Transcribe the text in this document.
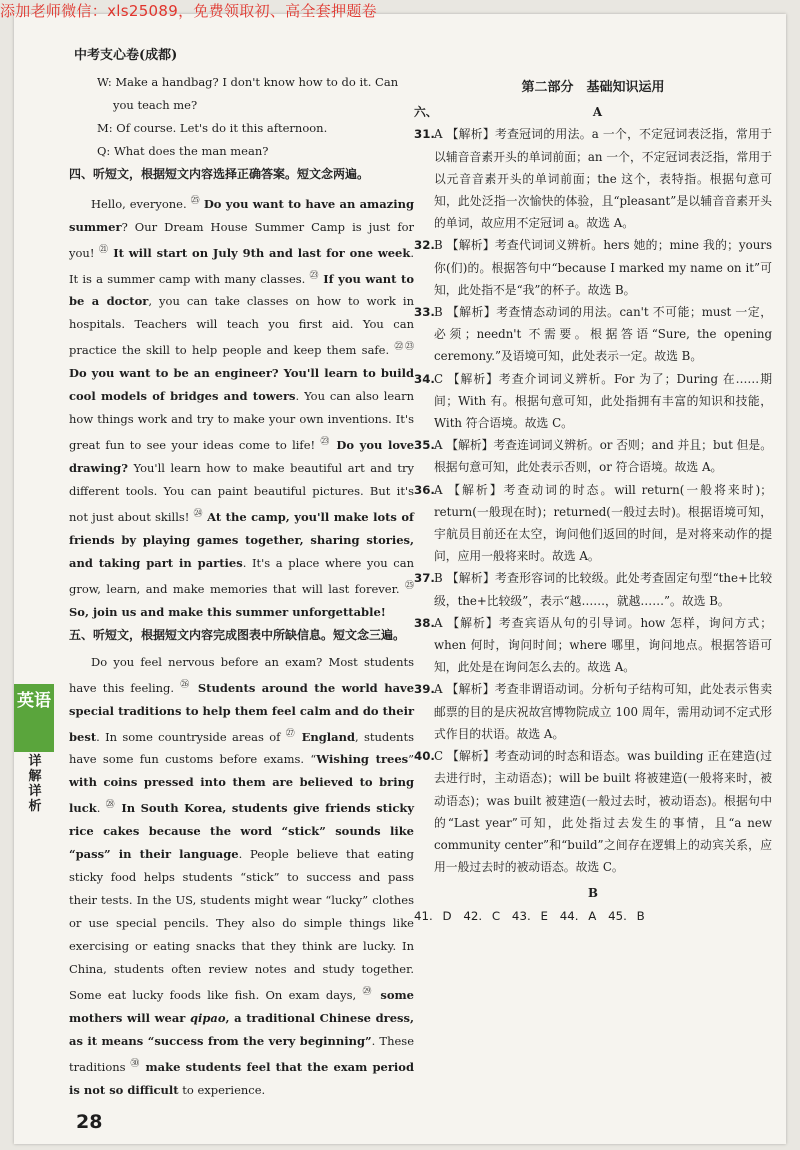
添加老师微信：xls25089，免费领取初、高全套押题卷
中考支心卷(成都)
英语
详解详析
28

W: Make a handbag? I don't know how to do it. Can

you teach me?

M: Of course. Let's do it this afternoon.

Q: What does the man mean?

四、听短文，根据短文内容选择正确答案。短文念两遍。

Hello, everyone. $^㉕$ Do you want to have an amazing summer? Our Dream House Summer Camp is just for you! $^㉑$ It will start on July 9th and last for one week. It is a summer camp with many classes. $^㉓$ If you want to be a doctor, you can take classes on how to work in hospitals. Teachers will teach you first aid. You can practice the skill to help people and keep them safe. $^{㉒㉓}$ Do you want to be an engineer? You'll learn to build cool models of bridges and towers. You can also learn how things work and try to make your own inventions. It's great fun to see your ideas come to life! $^㉓$ Do you love drawing? You'll learn how to make beautiful art and try different tools. You can paint beautiful pictures. But it's not just about skills! $^㉔$ At the camp, you'll make lots of friends by playing games together, sharing stories, and taking part in parties. It's a place where you can grow, learn, and make memories that will last forever. $^㉕$ So, join us and make this summer unforgettable!

五、听短文，根据短文内容完成图表中所缺信息。短文念三遍。

Do you feel nervous before an exam? Most students have this feeling. $^㉖$ Students around the world have special traditions to help them feel calm and do their best. In some countryside areas of $^㉗$ England, students have some fun customs before exams. “Wishing trees” with coins pressed into them are believed to bring luck. $^㉘$ In South Korea, students give friends sticky rice cakes because the word “stick” sounds like “pass” in their language. People believe that eating sticky food helps students “stick” to success and pass their tests. In the US, students might wear “lucky” clothes or use special pencils. They also do simple things like exercising or eating snacks that they think are lucky. In China, students often review notes and study together. Some eat lucky foods like fish. On exam days, $^㉙$ some mothers will wear qipao, a traditional Chinese dress, as it means “success from the very beginning”. These traditions $^㉚$ make students feel that the exam period is not so difficult to experience.

第二部分　基础知识运用
六、	A
31. A 【解析】考查冠词的用法。a 一个，不定冠词表泛指，常用于以辅音音素开头的单词前面；an 一个，不定冠词表泛指，常用于以元音音素开头的单词前面；the 这个，表特指。根据句意可知，此处泛指一次愉快的体验，且“pleasant”是以辅音音素开头的单词，故应用不定冠词 a。故选 A。
32. B 【解析】考查代词词义辨析。hers 她的；mine 我的；yours 你(们)的。根据答句中“because I marked my name on it”可知，此处指不是“我”的杯子。故选 B。
33. B 【解析】考查情态动词的用法。can't 不可能；must 一定，必须；needn't 不需要。根据答语“Sure, the opening ceremony.”及语境可知，此处表示一定。故选 B。
34. C 【解析】考查介词词义辨析。For 为了；During 在……期间；With 有。根据句意可知，此处指拥有丰富的知识和技能，With 符合语境。故选 C。
35. A 【解析】考查连词词义辨析。or 否则；and 并且；but 但是。根据句意可知，此处表示否则，or 符合语境。故选 A。
36. A 【解析】考查动词的时态。will return(一般将来时)；return(一般现在时)；returned(一般过去时)。根据语境可知，宇航员目前还在太空，询问他们返回的时间，是对将来动作的提问，应用一般将来时。故选 A。
37. B 【解析】考查形容词的比较级。此处考查固定句型“the+比较级，the+比较级”，表示“越……，就越……”。故选 B。
38. A 【解析】考查宾语从句的引导词。how 怎样，询问方式；when 何时，询问时间；where 哪里，询问地点。根据答语可知，此处是在询问怎么去的。故选 A。
39. A 【解析】考查非谓语动词。分析句子结构可知，此处表示售卖邮票的目的是庆祝故宫博物院成立 100 周年，需用动词不定式形式作目的状语。故选 A。
40. C 【解析】考查动词的时态和语态。was building 正在建造(过去进行时，主动语态)；will be built 将被建造(一般将来时，被动语态)；was built 被建造(一般过去时，被动语态)。根据句中的“Last year”可知，此处指过去发生的事情，且“a new community center”和“build”之间存在逻辑上的动宾关系，应用一般过去时的被动语态。故选 C。
B
41. D　42. C　43. E　44. A　45. B
